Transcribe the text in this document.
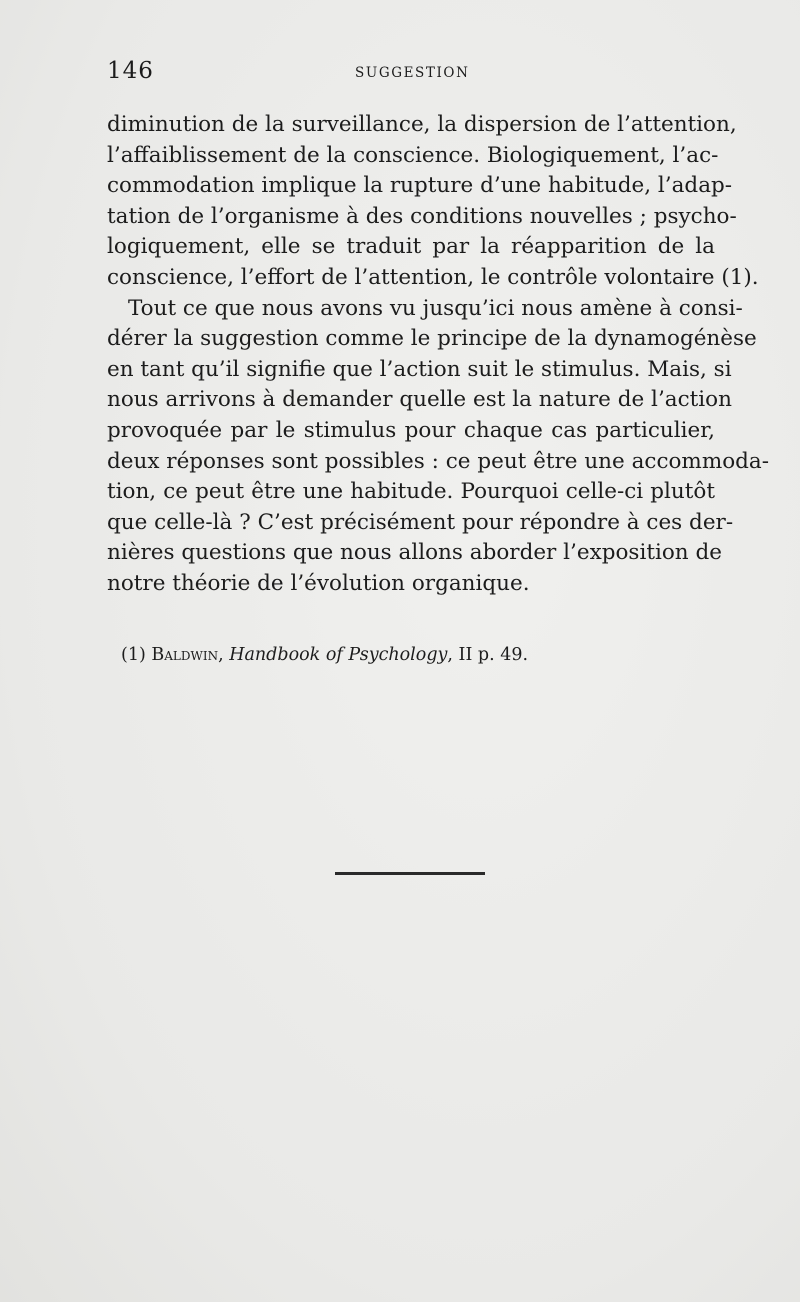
146	SUGGESTION
diminution de la surveillance, la dispersion de l’attention,
l’affaiblissement de la conscience. Biologiquement, l’ac-
commodation implique la rupture d’une habitude, l’adap-
tation de l’organisme à des conditions nouvelles ; psycho-
logiquement, elle se traduit par la réapparition de la
conscience, l’effort de l’attention, le contrôle volontaire (1).
Tout ce que nous avons vu jusqu’ici nous amène à consi-
dérer la suggestion comme le principe de la dynamogénèse
en tant qu’il signifie que l’action suit le stimulus. Mais, si
nous arrivons à demander quelle est la nature de l’action
provoquée par le stimulus pour chaque cas particulier,
deux réponses sont possibles : ce peut être une accommoda-
tion, ce peut être une habitude. Pourquoi celle-ci plutôt
que celle-là ? C’est précisément pour répondre à ces der-
nières questions que nous allons aborder l’exposition de
notre théorie de l’évolution organique.
(1) Baldwin, Handbook of Psychology, II p. 49.
